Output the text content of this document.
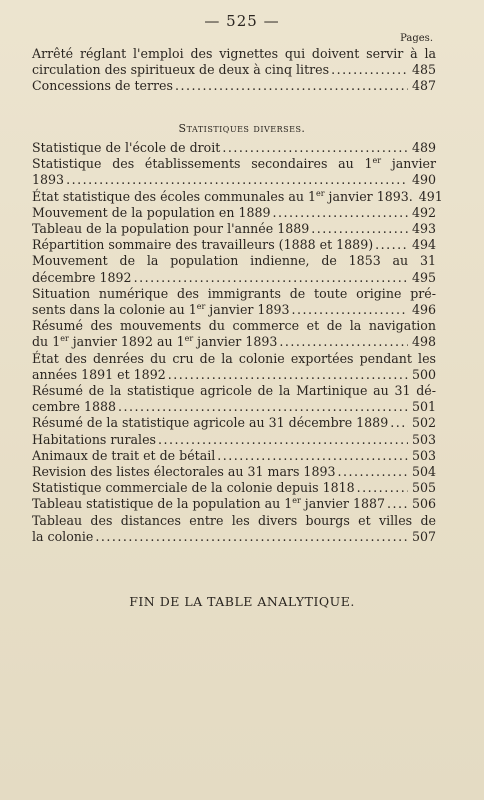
— 525 —
Pages.
Arrêté réglant l'emploi des vignettes qui doivent servir à la
circulation des spiritueux de deux à cinq litres .....	485
Concessions de terres .....	487
Statistiques diverses.
Statistique de l'école de droit .....	489
Statistique des établissements secondaires au 1er janvier
1893 .....	490
État statistique des écoles communales au 1er janvier 1893. 491
Mouvement de la population en 1889 .....	492
Tableau de la population pour l'année 1889 .....	493
Répartition sommaire des travailleurs (1888 et 1889) .....	494
Mouvement de la population indienne, de 1853 au 31
décembre 1892 .....	495
Situation numérique des immigrants de toute origine pré-
sents dans la colonie au 1er janvier 1893 .....	496
Résumé des mouvements du commerce et de la navigation
du 1er janvier 1892 au 1er janvier 1893 .....	498
État des denrées du cru de la colonie exportées pendant les
années 1891 et 1892 .....	500
Résumé de la statistique agricole de la Martinique au 31 dé-
cembre 1888 .....	501
Résumé de la statistique agricole au 31 décembre 1889 ..... 502
Habitations rurales .....	503
Animaux de trait et de bétail .....	503
Revision des listes électorales au 31 mars 1893 .....	504
Statistique commerciale de la colonie depuis 1818 .....	505
Tableau statistique de la population au 1er janvier 1887 ..... 506
Tableau des distances entre les divers bourgs et villes de
la colonie .....	507
FIN DE LA TABLE ANALYTIQUE.
